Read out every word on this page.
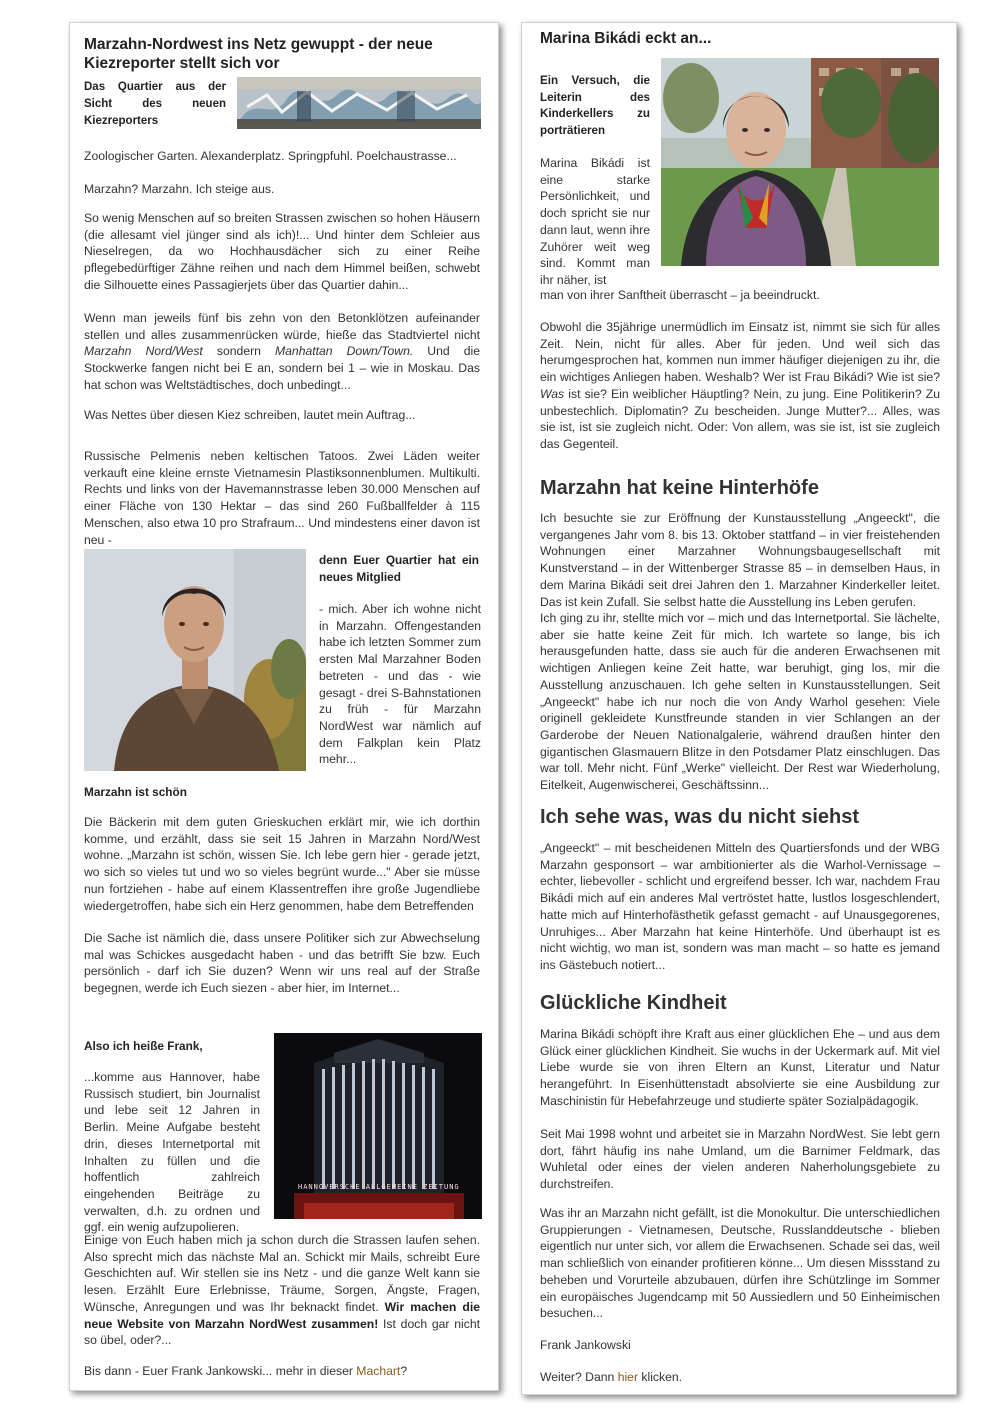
Marzahn-Nordwest ins Netz gewuppt - der neue Kiezreporter stellt sich vor
Das Quartier aus der Sicht des neuen Kiezreporters

Zoologischer Garten. Alexanderplatz. Springpfuhl. Poelchaustrasse...

Marzahn? Marzahn. Ich steige aus.

So wenig Menschen auf so breiten Strassen zwischen so hohen Häusern (die allesamt viel jünger sind als ich)!... Und hinter dem Schleier aus Nieselregen, da wo Hochhausdächer sich zu einer Reihe pflegebedürftiger Zähne reihen und nach dem Himmel beißen, schwebt die Silhouette eines Passagierjets über das Quartier dahin...

Wenn man jeweils fünf bis zehn von den Betonklötzen aufeinander stellen und alles zusammenrücken würde, hieße das Stadtviertel nicht Marzahn Nord/West sondern Manhattan Down/Town. Und die Stockwerke fangen nicht bei E an, sondern bei 1 – wie in Moskau. Das hat schon was Weltstädtisches, doch unbedingt...

Was Nettes über diesen Kiez schreiben, lautet mein Auftrag...

Russische Pelmenis neben keltischen Tatoos. Zwei Läden weiter verkauft eine kleine ernste Vietnamesin Plastiksonnenblumen. Multikulti. Rechts und links von der Havemannstrasse leben 30.000 Menschen auf einer Fläche von 130 Hektar – das sind 260 Fußballfelder à 115 Menschen, also etwa 10 pro Strafraum... Und mindestens einer davon ist neu -

denn Euer Quartier hat ein neues Mitglied

- mich. Aber ich wohne nicht in Marzahn. Offengestanden habe ich letzten Sommer zum ersten Mal Marzahner Boden betreten - und das - wie gesagt - drei S-Bahnstationen zu früh - für Marzahn NordWest war nämlich auf dem Falkplan kein Platz mehr...

Marzahn ist schön

Die Bäckerin mit dem guten Grieskuchen erklärt mir, wie ich dorthin komme, und erzählt, dass sie seit 15 Jahren in Marzahn Nord/West wohne. „Marzahn ist schön, wissen Sie. Ich lebe gern hier - gerade jetzt, wo sich so vieles tut und wo so vieles begrünt wurde..." Aber sie müsse nun fortziehen - habe auf einem Klassentreffen ihre große Jugendliebe wiedergetroffen, habe sich ein Herz genommen, habe dem Betreffenden

Die Sache ist nämlich die, dass unsere Politiker sich zur Abwechselung mal was Schickes ausgedacht haben - und das betrifft Sie bzw. Euch persönlich - darf ich Sie duzen? Wenn wir uns real auf der Straße begegnen, werde ich Euch siezen - aber hier, im Internet...

Also ich heiße Frank,

...komme aus Hannover, habe Russisch studiert, bin Journalist und lebe seit 12 Jahren in Berlin. Meine Aufgabe besteht drin, dieses Internetportal mit Inhalten zu füllen und die hoffentlich zahlreich eingehenden Beiträge zu verwalten, d.h. zu ordnen und ggf. ein wenig aufzupolieren.

HANNOVERSCHE ALLGEMEINE ZEITUNG

Einige von Euch haben mich ja schon durch die Strassen laufen sehen. Also sprecht mich das nächste Mal an. Schickt mir Mails, schreibt Eure Geschichten auf. Wir stellen sie ins Netz - und die ganze Welt kann sie lesen. Erzählt Eure Erlebnisse, Träume, Sorgen, Ängste, Fragen, Wünsche, Anregungen und was Ihr beknackt findet. Wir machen die neue Website von Marzahn NordWest zusammen! Ist doch gar nicht so übel, oder?...

Bis dann - Euer Frank Jankowski... mehr in dieser Machart?

Marina Bikádi eckt an...
Ein Versuch, die Leiterin des Kinderkellers zu porträtieren

Marina Bikádi ist eine starke Persönlichkeit, und doch spricht sie nur dann laut, wenn ihre Zuhörer weit weg sind. Kommt man ihr näher, ist

man von ihrer Sanftheit überrascht – ja beeindruckt.

Obwohl die 35jährige unermüdlich im Einsatz ist, nimmt sie sich für alles Zeit. Nein, nicht für alles. Aber für jeden. Und weil sich das herumgesprochen hat, kommen nun immer häufiger diejenigen zu ihr, die ein wichtiges Anliegen haben. Weshalb? Wer ist Frau Bikádi? Wie ist sie? Was ist sie? Ein weiblicher Häuptling? Nein, zu jung. Eine Politikerin? Zu unbestechlich. Diplomatin? Zu bescheiden. Junge Mutter?... Alles, was sie ist, ist sie zugleich nicht. Oder: Von allem, was sie ist, ist sie zugleich das Gegenteil.

Marzahn hat keine Hinterhöfe

Ich besuchte sie zur Eröffnung der Kunstausstellung „Angeeckt", die vergangenes Jahr vom 8. bis 13. Oktober stattfand – in vier freistehenden Wohnungen einer Marzahner Wohnungsbaugesellschaft mit Kunstverstand – in der Wittenberger Strasse 85 – in demselben Haus, in dem Marina Bikádi seit drei Jahren den 1. Marzahner Kinderkeller leitet. Das ist kein Zufall. Sie selbst hatte die Ausstellung ins Leben gerufen.

Ich ging zu ihr, stellte mich vor – mich und das Internetportal. Sie lächelte, aber sie hatte keine Zeit für mich. Ich wartete so lange, bis ich herausgefunden hatte, dass sie auch für die anderen Erwachsenen mit wichtigen Anliegen keine Zeit hatte, war beruhigt, ging los, mir die Ausstellung anzuschauen. Ich gehe selten in Kunstausstellungen. Seit „Angeeckt" habe ich nur noch die von Andy Warhol gesehen: Viele originell gekleidete Kunstfreunde standen in vier Schlangen an der Garderobe der Neuen Nationalgalerie, während draußen hinter den gigantischen Glasmauern Blitze in den Potsdamer Platz einschlugen. Das war toll. Mehr nicht. Fünf „Werke" vielleicht. Der Rest war Wiederholung, Eitelkeit, Augenwischerei, Geschäftssinn...

Ich sehe was, was du nicht siehst

„Angeeckt" – mit bescheidenen Mitteln des Quartiersfonds und der WBG Marzahn gesponsort – war ambitionierter als die Warhol-Vernissage – echter, liebevoller - schlicht und ergreifend besser. Ich war, nachdem Frau Bikádi mich auf ein anderes Mal vertröstet hatte, lustlos losgeschlendert, hatte mich auf Hinterhofästhetik gefasst gemacht - auf Unausgegorenes, Unruhiges... Aber Marzahn hat keine Hinterhöfe. Und überhaupt ist es nicht wichtig, wo man ist, sondern was man macht – so hatte es jemand ins Gästebuch notiert...

Glückliche Kindheit

Marina Bikádi schöpft ihre Kraft aus einer glücklichen Ehe – und aus dem Glück einer glücklichen Kindheit. Sie wuchs in der Uckermark auf. Mit viel Liebe wurde sie von ihren Eltern an Kunst, Literatur und Natur herangeführt. In Eisenhüttenstadt absolvierte sie eine Ausbildung zur Maschinistin für Hebefahrzeuge und studierte später Sozialpädagogik.

Seit Mai 1998 wohnt und arbeitet sie in Marzahn NordWest. Sie lebt gern dort, fährt häufig ins nahe Umland, um die Barnimer Feldmark, das Wuhletal oder eines der vielen anderen Naherholungsgebiete zu durchstreifen.

Was ihr an Marzahn nicht gefällt, ist die Monokultur. Die unterschiedlichen Gruppierungen - Vietnamesen, Deutsche, Russlanddeutsche - blieben eigentlich nur unter sich, vor allem die Erwachsenen. Schade sei das, weil man schließlich von einander profitieren könne... Um diesen Missstand zu beheben und Vorurteile abzubauen, dürfen ihre Schützlinge im Sommer ein europäisches Jugendcamp mit 50 Aussiedlern und 50 Einheimischen besuchen...

Frank Jankowski

Weiter? Dann hier klicken.
